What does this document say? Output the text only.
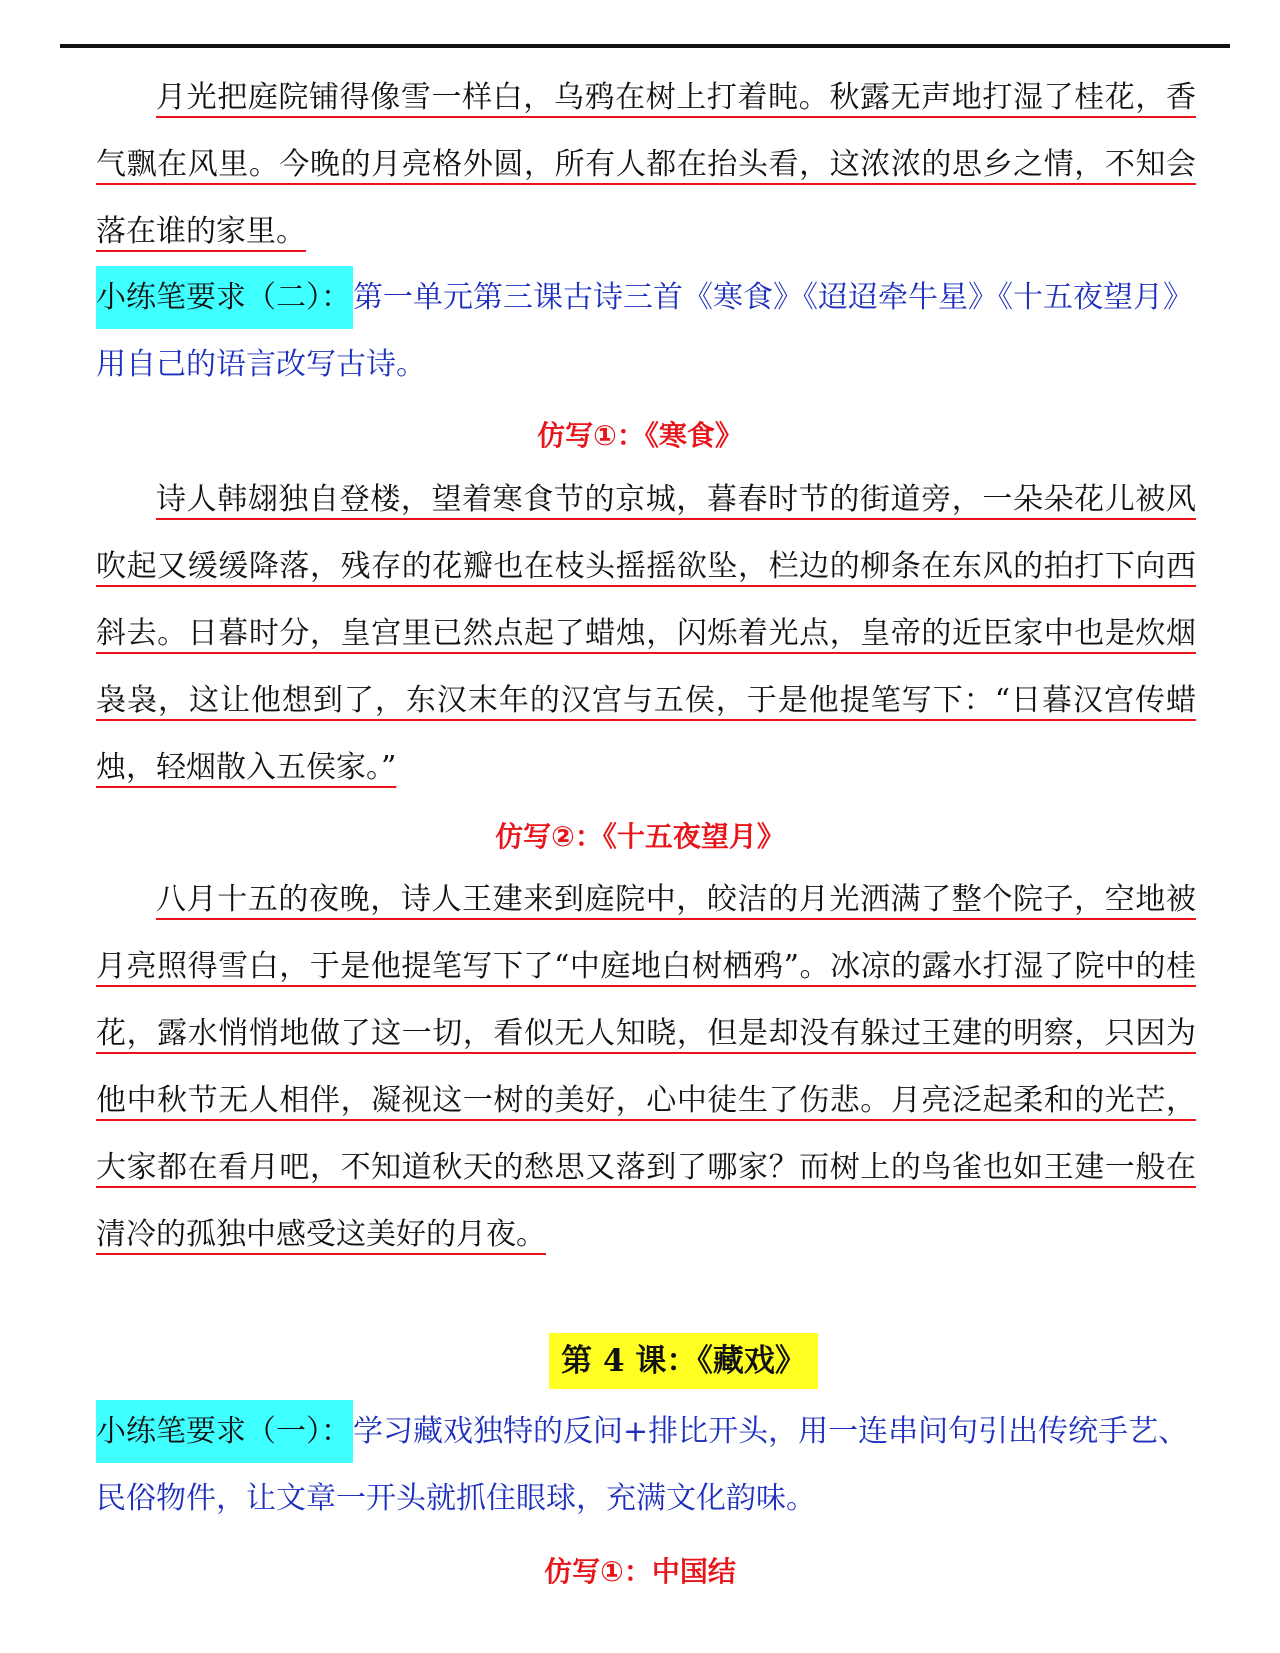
月光把庭院铺得像雪一样白，乌鸦在树上打着盹。秋露无声地打湿了桂花，香气飘在风里。今晚的月亮格外圆，所有人都在抬头看，这浓浓的思乡之情，不知会落在谁的家里。

小练笔要求（二）：第一单元第三课古诗三首《寒食》《迢迢牵牛星》《十五夜望月》用自己的语言改写古诗。

仿写①：《寒食》

诗人韩翃独自登楼，望着寒食节的京城，暮春时节的街道旁，一朵朵花儿被风吹起又缓缓降落，残存的花瓣也在枝头摇摇欲坠，栏边的柳条在东风的拍打下向西斜去。日暮时分，皇宫里已然点起了蜡烛，闪烁着光点，皇帝的近臣家中也是炊烟袅袅，这让他想到了，东汉末年的汉宫与五侯，于是他提笔写下：“日暮汉宫传蜡烛，轻烟散入五侯家。”

仿写②：《十五夜望月》

八月十五的夜晚，诗人王建来到庭院中，皎洁的月光洒满了整个院子，空地被月亮照得雪白，于是他提笔写下了“中庭地白树栖鸦”。冰凉的露水打湿了院中的桂花，露水悄悄地做了这一切，看似无人知晓，但是却没有躲过王建的明察，只因为他中秋节无人相伴，凝视这一树的美好，心中徒生了伤悲。月亮泛起柔和的光芒，大家都在看月吧，不知道秋天的愁思又落到了哪家？而树上的鸟雀也如王建一般在清冷的孤独中感受这美好的月夜。

第 4 课：《藏戏》

小练笔要求（一）：学习藏戏独特的反问+排比开头，用一连串问句引出传统手艺、民俗物件，让文章一开头就抓住眼球，充满文化韵味。

仿写①：中国结
